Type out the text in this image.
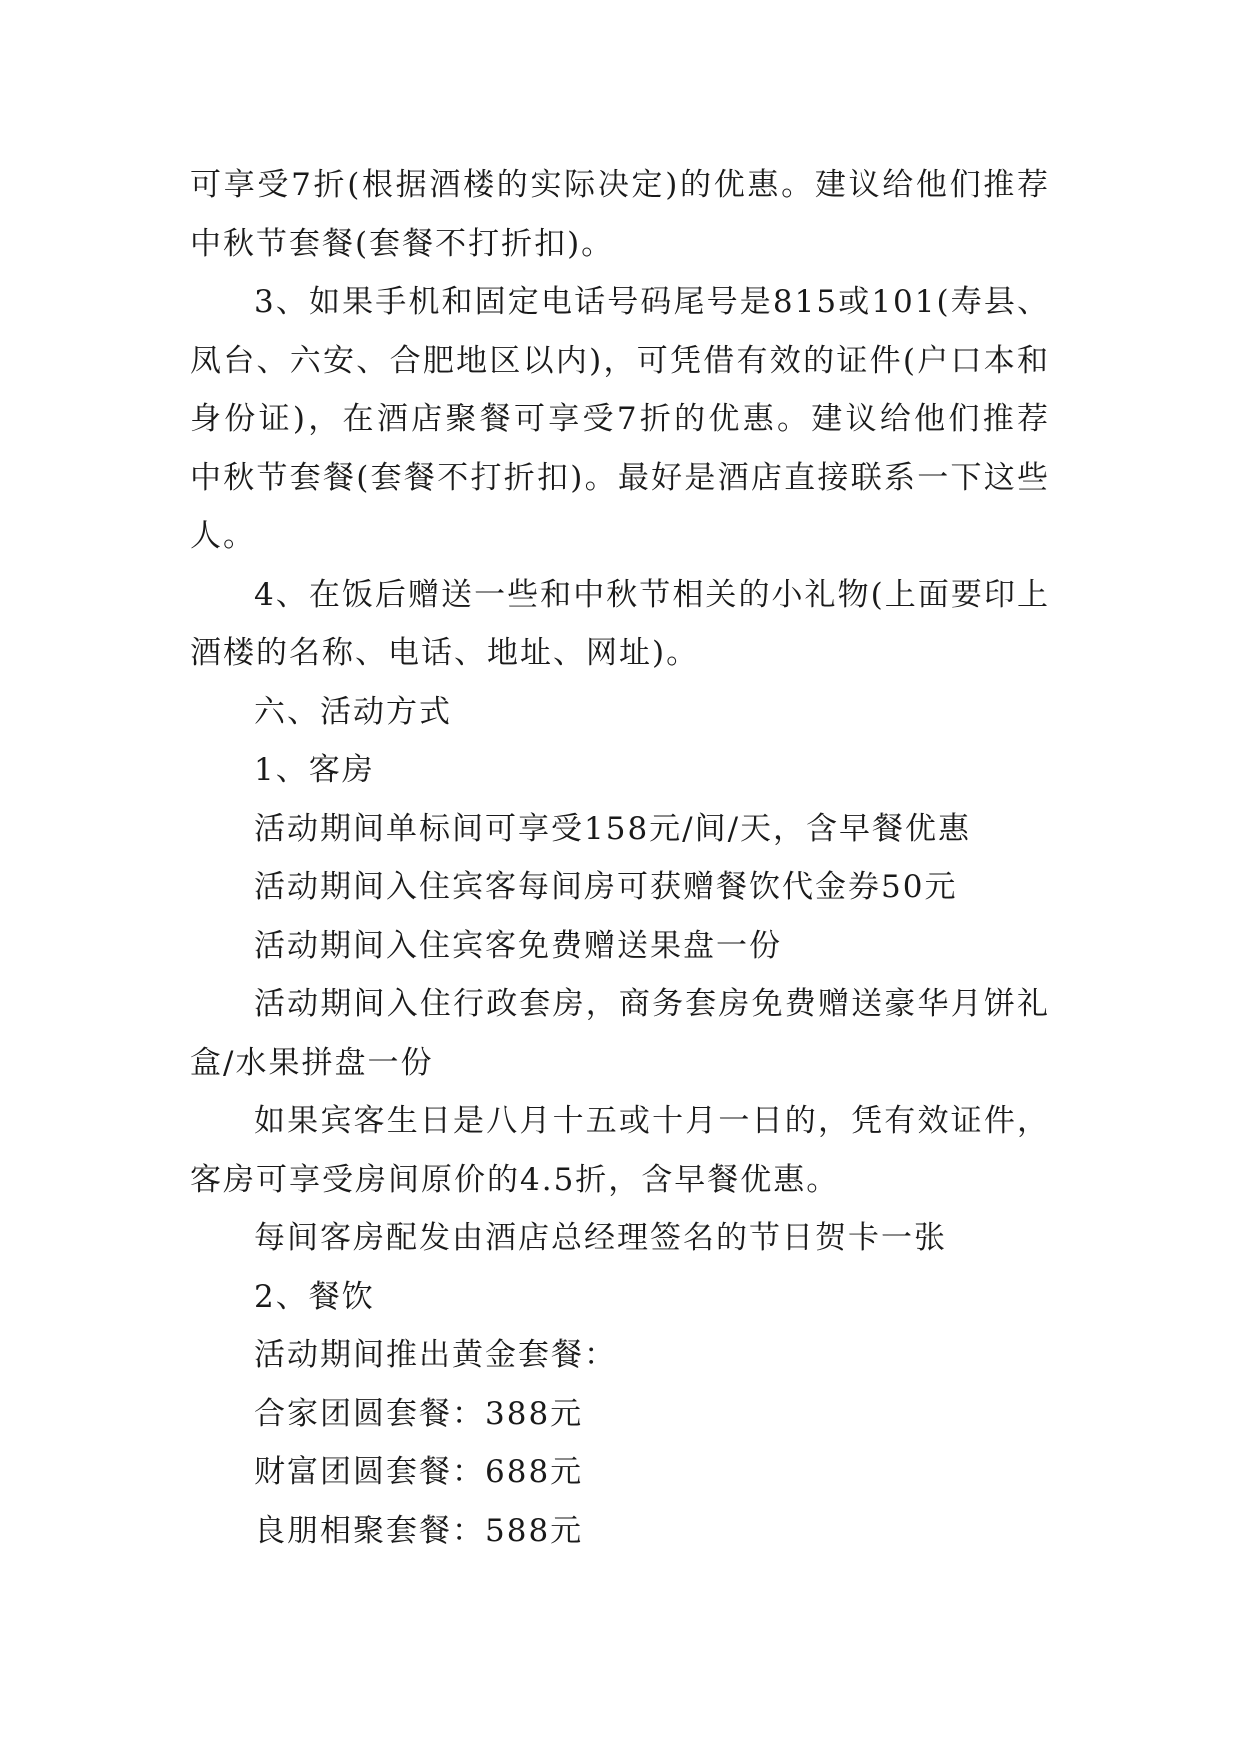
可享受7折(根据酒楼的实际决定)的优惠。建议给他们推荐中秋节套餐(套餐不打折扣)。

3、如果手机和固定电话号码尾号是815或101(寿县、凤台、六安、合肥地区以内)，可凭借有效的证件(户口本和身份证)，在酒店聚餐可享受7折的优惠。建议给他们推荐中秋节套餐(套餐不打折扣)。最好是酒店直接联系一下这些人。

4、在饭后赠送一些和中秋节相关的小礼物(上面要印上酒楼的名称、电话、地址、网址)。

六、活动方式

1、客房

活动期间单标间可享受158元/间/天，含早餐优惠

活动期间入住宾客每间房可获赠餐饮代金券50元

活动期间入住宾客免费赠送果盘一份

活动期间入住行政套房，商务套房免费赠送豪华月饼礼盒/水果拼盘一份

如果宾客生日是八月十五或十月一日的，凭有效证件，客房可享受房间原价的4.5折，含早餐优惠。

每间客房配发由酒店总经理签名的节日贺卡一张

2、餐饮

活动期间推出黄金套餐：

合家团圆套餐：388元

财富团圆套餐：688元

良朋相聚套餐：588元
